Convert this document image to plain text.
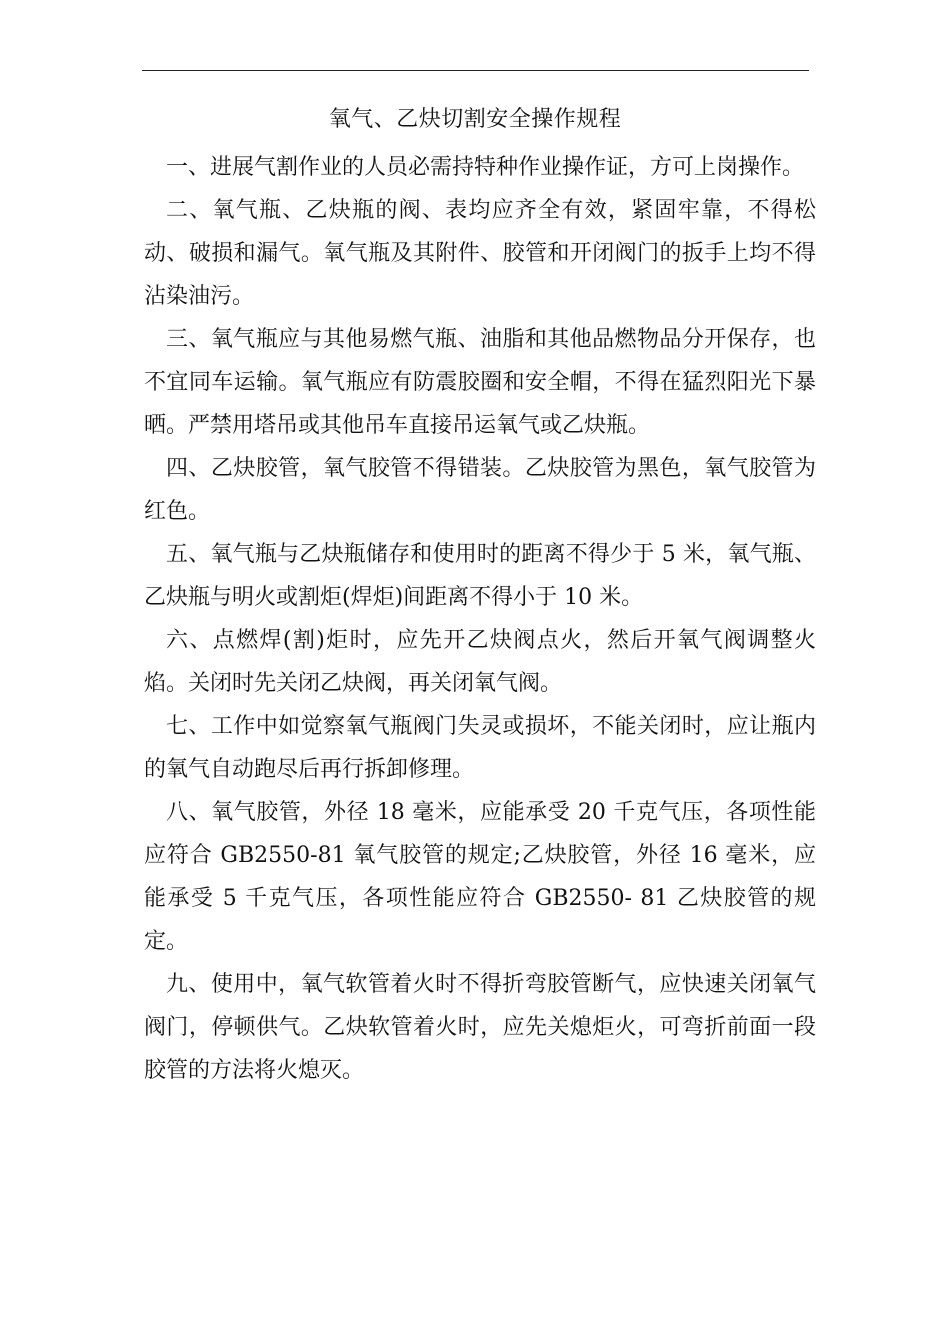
氧气、乙炔切割安全操作规程

一、进展气割作业的人员必需持特种作业操作证，方可上岗操作。

二、氧气瓶、乙炔瓶的阀、表均应齐全有效，紧固牢靠，不得松动、破损和漏气。氧气瓶及其附件、胶管和开闭阀门的扳手上均不得沾染油污。

三、氧气瓶应与其他易燃气瓶、油脂和其他品燃物品分开保存，也不宜同车运输。氧气瓶应有防震胶圈和安全帽，不得在猛烈阳光下暴晒。严禁用塔吊或其他吊车直接吊运氧气或乙炔瓶。

四、乙炔胶管，氧气胶管不得错装。乙炔胶管为黑色，氧气胶管为红色。

五、氧气瓶与乙炔瓶储存和使用时的距离不得少于 5 米，氧气瓶、乙炔瓶与明火或割炬(焊炬)间距离不得小于 10 米。

六、点燃焊(割)炬时，应先开乙炔阀点火，然后开氧气阀调整火焰。关闭时先关闭乙炔阀，再关闭氧气阀。

七、工作中如觉察氧气瓶阀门失灵或损坏，不能关闭时，应让瓶内的氧气自动跑尽后再行拆卸修理。

八、氧气胶管，外径 18 毫米，应能承受 20 千克气压，各项性能应符合 GB2550-81 氧气胶管的规定;乙炔胶管，外径 16 毫米，应能承受 5 千克气压，各项性能应符合 GB2550- 81 乙炔胶管的规定。

九、使用中，氧气软管着火时不得折弯胶管断气，应快速关闭氧气阀门，停顿供气。乙炔软管着火时，应先关熄炬火，可弯折前面一段胶管的方法将火熄灭。
